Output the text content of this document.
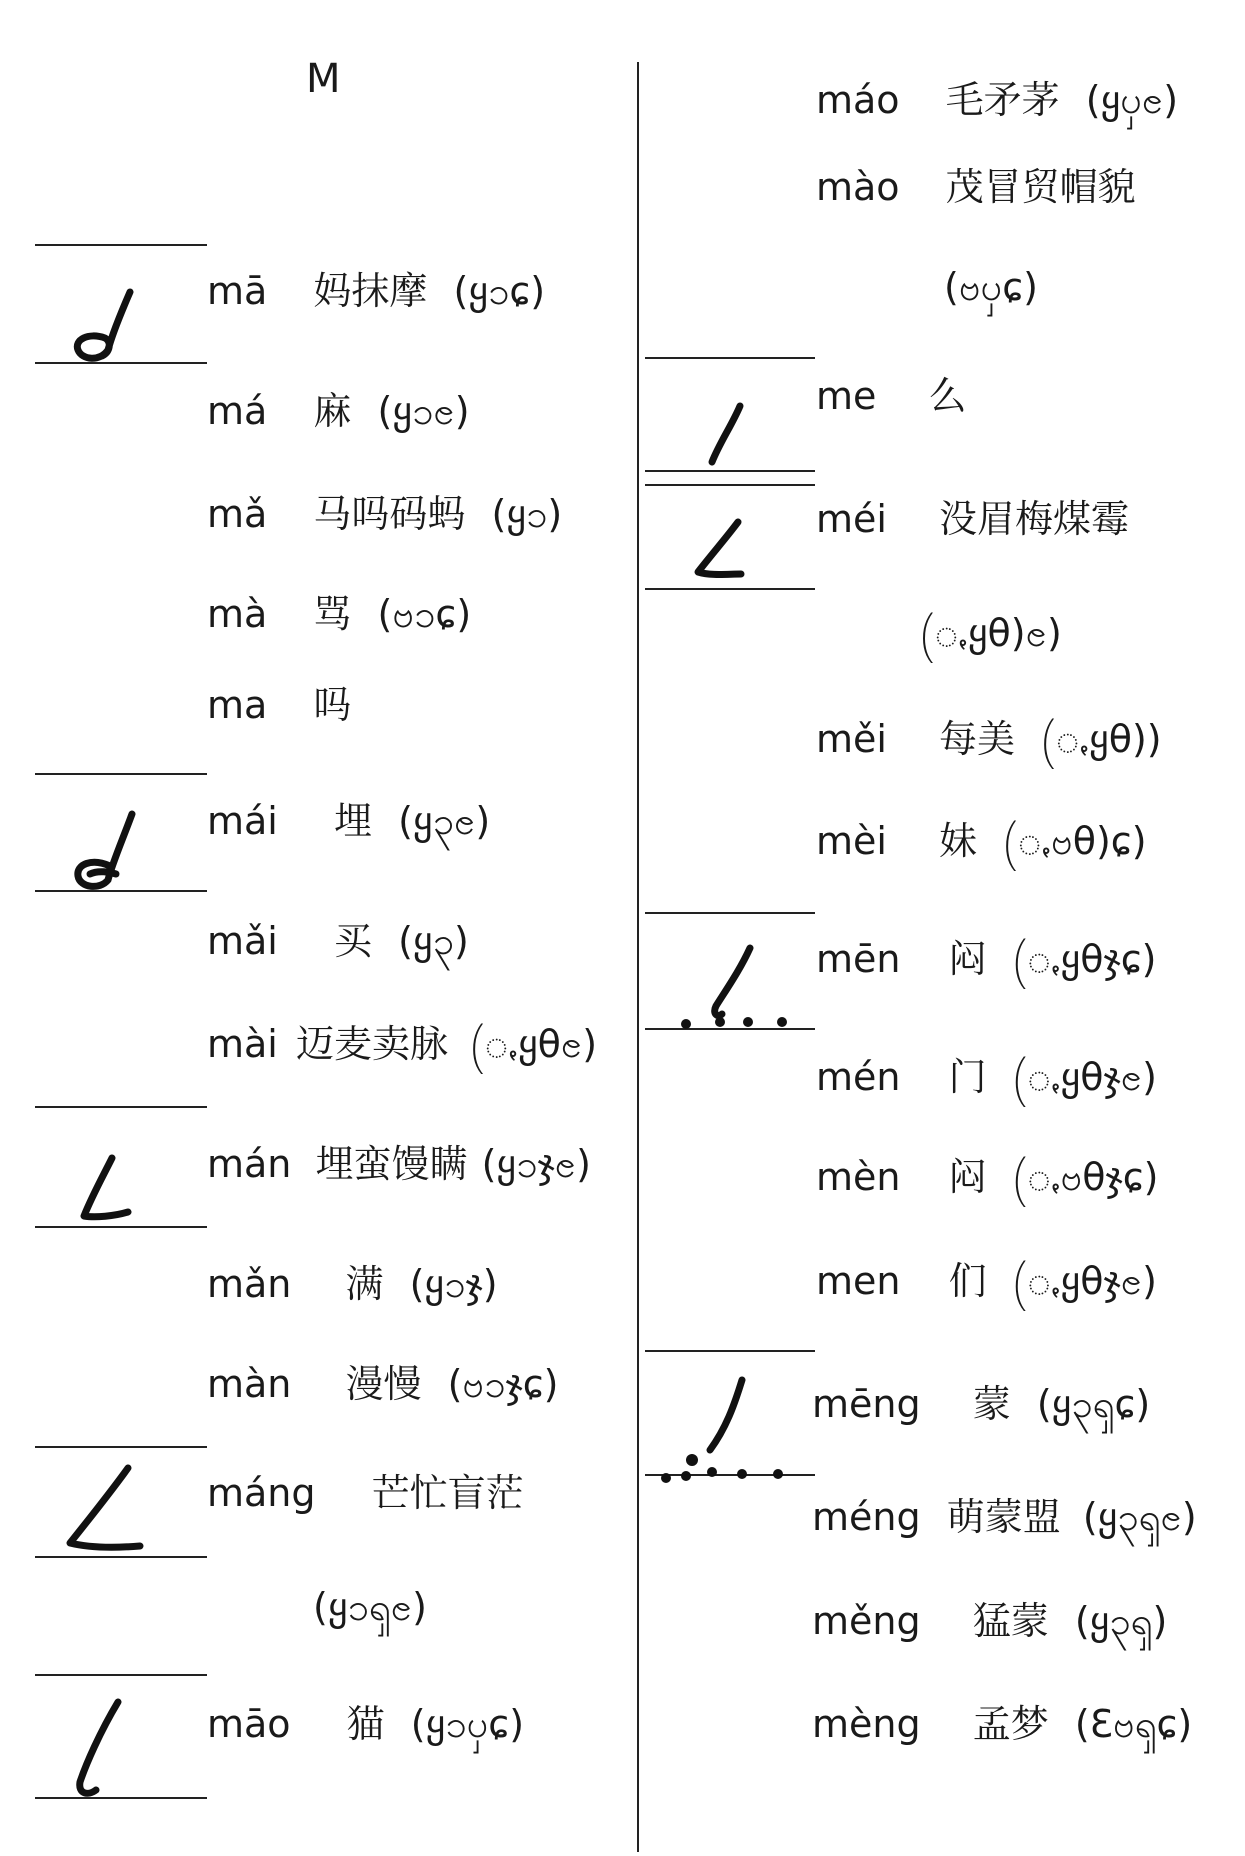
M
mā 妈抹摩 (ყ၁ɕ)
má 麻 (ყ၁ၔ)
mǎ 马吗码蚂 (ყ၁)
mà 骂 (ဗ၁ɕ)
ma 吗
mái 埋 (ყ၃ၔ)
mǎi 买 (ყ၃)
mài 迈麦卖脉 (ꩻყθၔ)
mán 埋蛮馒瞒 (ყ၁ჯၔ)
mǎn 满 (ყ၁ჯ)
màn 漫慢 (ဗ၁ჯɕ)
máng 芒忙盲茫
(ყ၁ၡၔ)
māo 猫 (ყ၁ၦɕ)
máo 毛矛茅 (ყၦၔ)
mào 茂冒贸帽貌
(ဗၦɕ)
me 么
méi 没眉梅煤霉
(ꩻყθ)ၔ)
měi 每美 (ꩻყθ))
mèi 妹 (ꩻဗθ)ɕ)
mēn 闷 (ꩻყθჯɕ)
mén 门 (ꩻყθჯၔ)
mèn 闷 (ꩻဗθჯɕ)
men 们 (ꩻყθჯၔ)
mēng 蒙 (ყ၃ၡɕ)
méng 萌蒙盟 (ყ၃ၡၔ)
měng 猛蒙 (ყ၃ၡ)
mèng 孟梦 (Ɛဗၡɕ)
